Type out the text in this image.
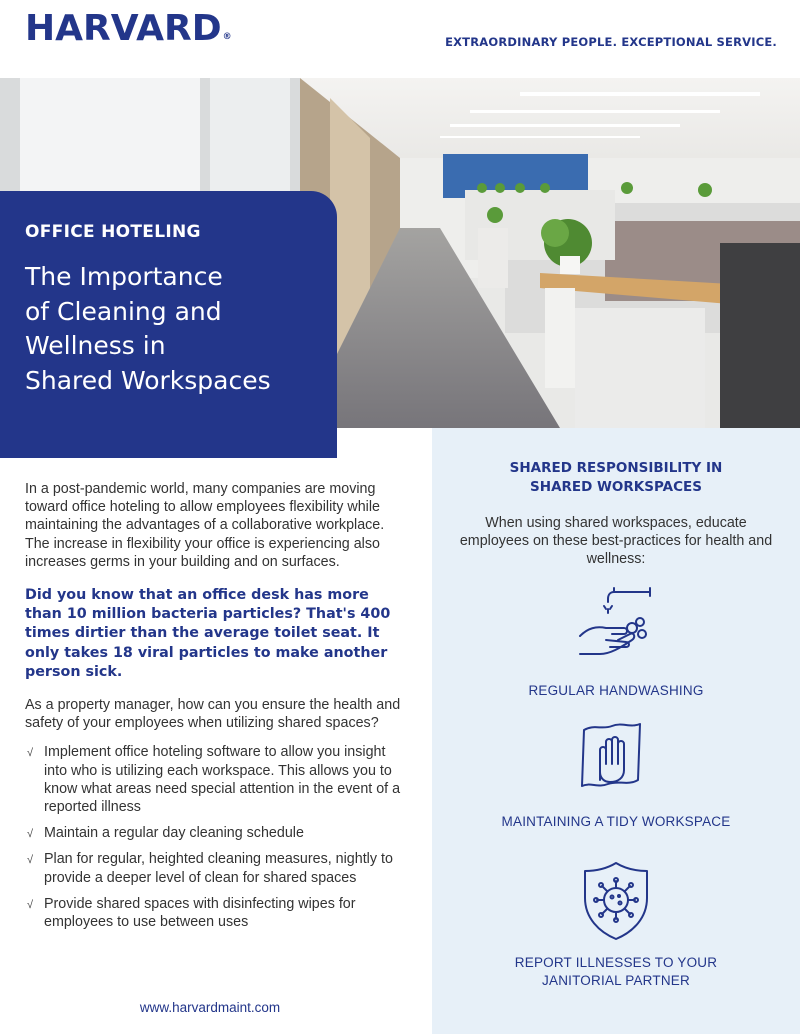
HARVARD®	EXTRAORDINARY PEOPLE. EXCEPTIONAL SERVICE.
OFFICE HOTELING
The Importance
of Cleaning and
Wellness in
Shared Workspaces

In a post-pandemic world, many companies are moving toward office hoteling to allow employees flexibility while maintaining the advantages of a collaborative workplace. The increase in flexibility your office is experiencing also increases germs in your building and on surfaces.

Did you know that an office desk has more than 10 million bacteria particles? That's 400 times dirtier than the average toilet seat. It only takes 18 viral particles to make another person sick.

As a property manager, how can you ensure the health and safety of your employees when utilizing shared spaces?

√ Implement office hoteling software to allow you insight into who is utilizing each workspace. This allows you to know what areas need special attention in the event of a reported illness
√ Maintain a regular day cleaning schedule
√ Plan for regular, heighted cleaning measures, nightly to provide a deeper level of clean for shared spaces
√ Provide shared spaces with disinfecting wipes for employees to use between uses
www.harvardmaint.com
SHARED RESPONSIBILITY IN
SHARED WORKSPACES
When using shared workspaces, educate employees on these best-practices for health and wellness:
REGULAR HANDWASHING
MAINTAINING A TIDY WORKSPACE
REPORT ILLNESSES TO YOUR
JANITORIAL PARTNER
